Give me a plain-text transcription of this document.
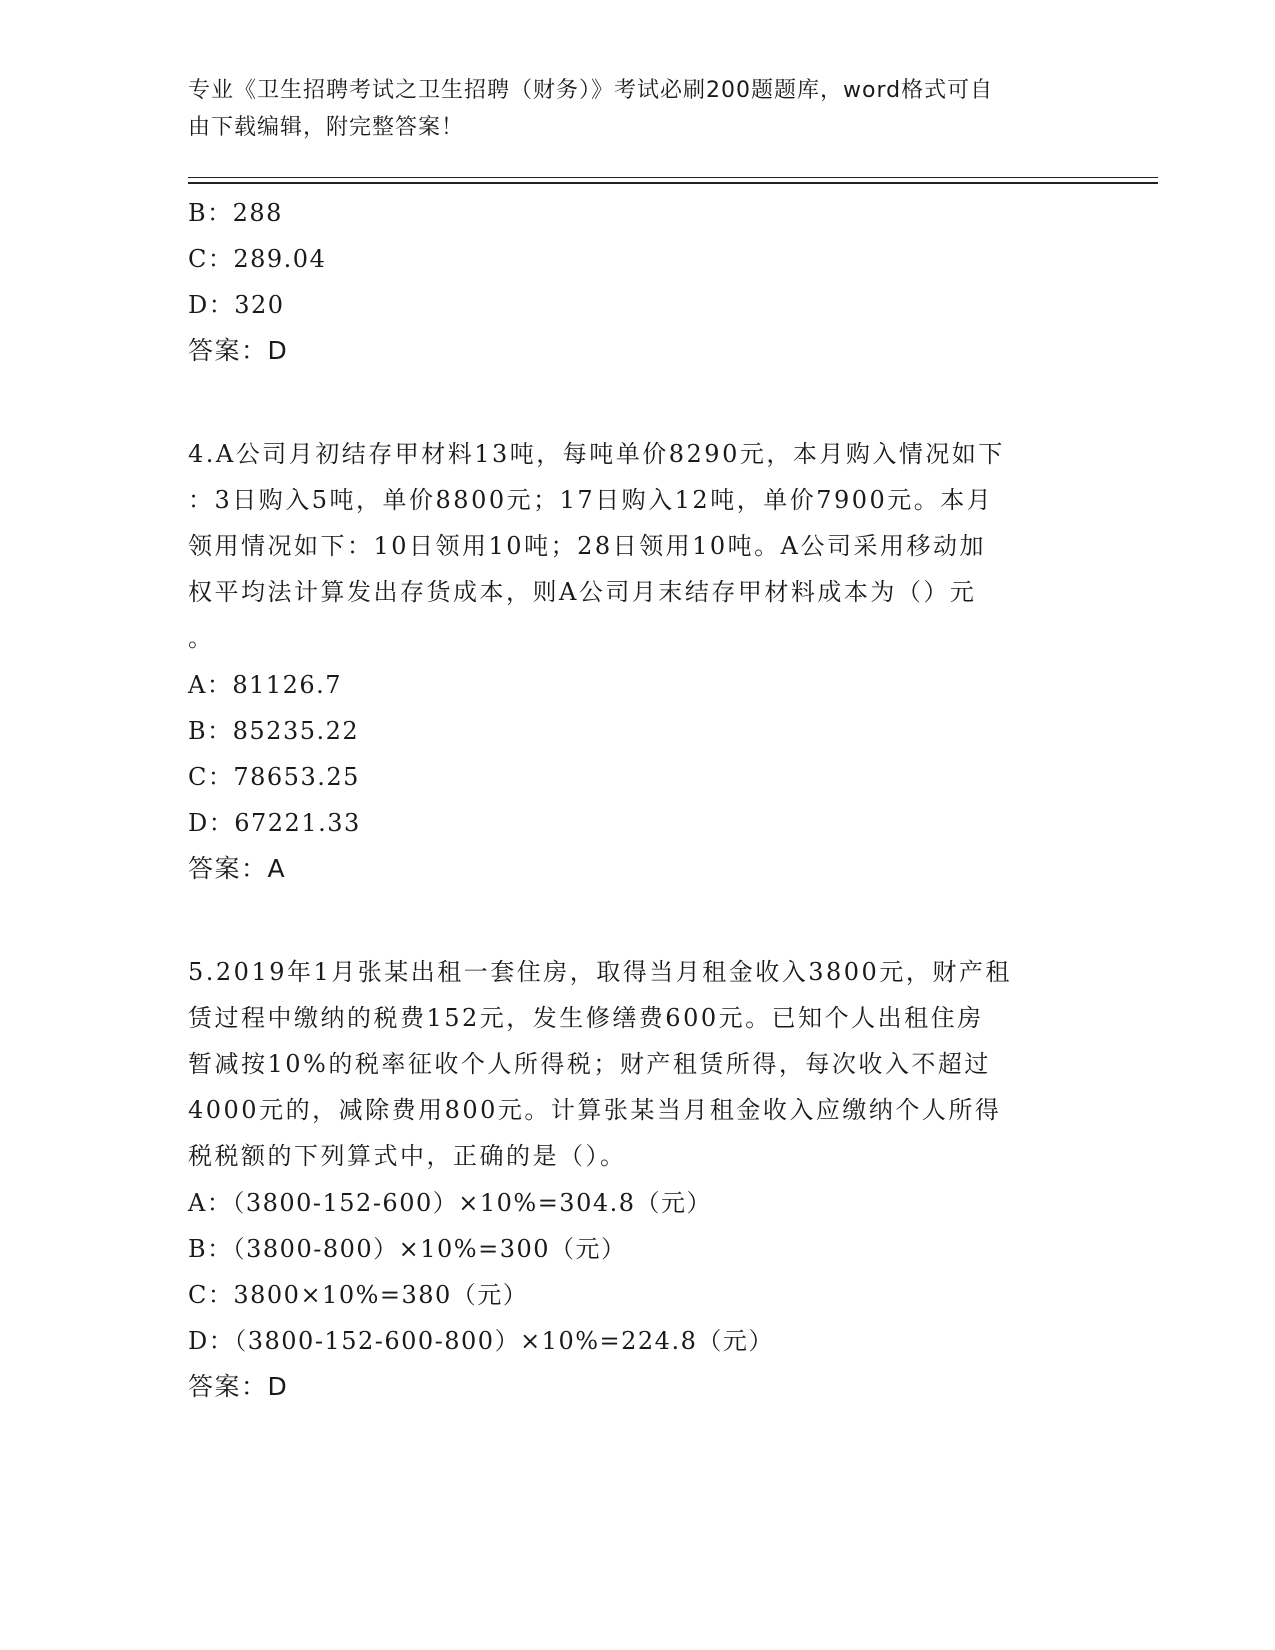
专业《卫生招聘考试之卫生招聘（财务）》考试必刷200题题库，word格式可自
由下载编辑，附完整答案！
B：288
C：289.04
D：320
答案：D
4.A公司月初结存甲材料13吨，每吨单价8290元，本月购入情况如下
：3日购入5吨，单价8800元；17日购入12吨，单价7900元。本月
领用情况如下：10日领用10吨；28日领用10吨。A公司采用移动加
权平均法计算发出存货成本，则A公司月末结存甲材料成本为（）元
。
A：81126.7
B：85235.22
C：78653.25
D：67221.33
答案：A
5.2019年1月张某出租一套住房，取得当月租金收入3800元，财产租
赁过程中缴纳的税费152元，发生修缮费600元。已知个人出租住房
暂减按10%的税率征收个人所得税；财产租赁所得，每次收入不超过
4000元的，减除费用800元。计算张某当月租金收入应缴纳个人所得
税税额的下列算式中，正确的是（）。
A：（3800-152-600）×10%=304.8（元）
B：（3800-800）×10%=300（元）
C：3800×10%=380（元）
D：（3800-152-600-800）×10%=224.8（元）
答案：D
